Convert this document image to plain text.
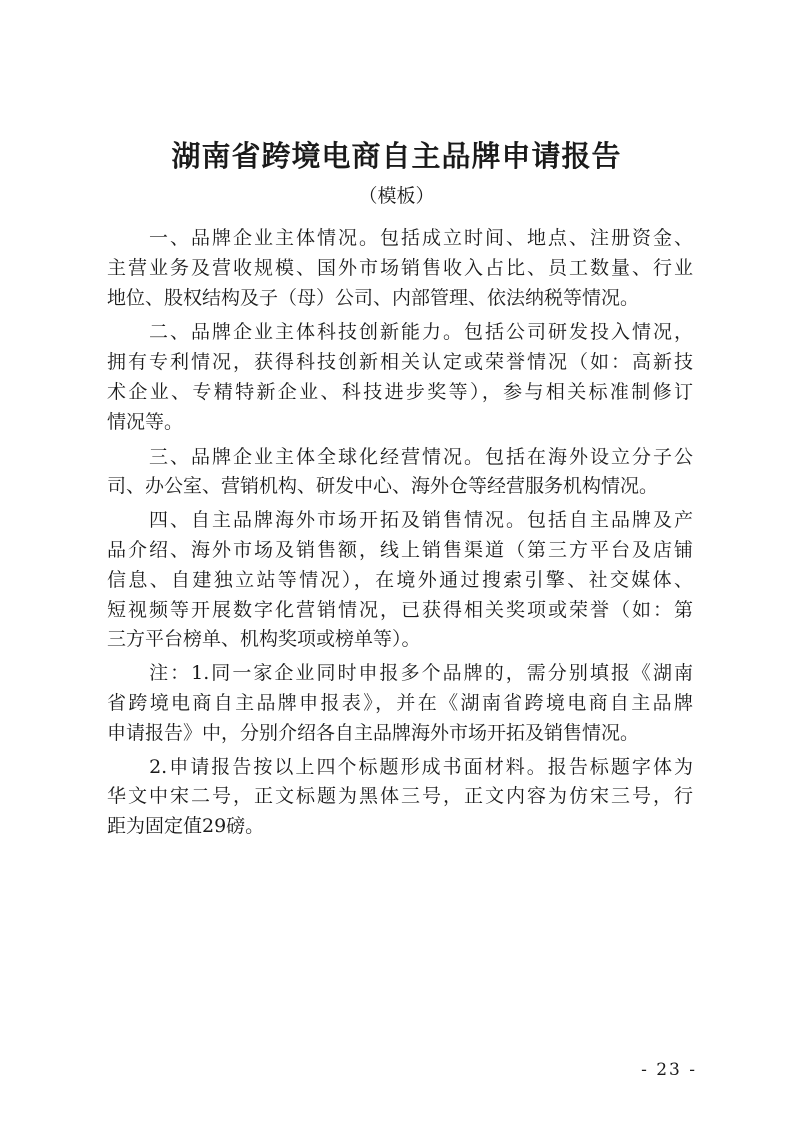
湖南省跨境电商自主品牌申请报告
（模板）

　　一、品牌企业主体情况。包括成立时间、地点、注册资金、
主营业务及营收规模、国外市场销售收入占比、员工数量、行业
地位、股权结构及子（母）公司、内部管理、依法纳税等情况。

　　二、品牌企业主体科技创新能力。包括公司研发投入情况，
拥有专利情况，获得科技创新相关认定或荣誉情况（如：高新技
术企业、专精特新企业、科技进步奖等），参与相关标准制修订
情况等。

　　三、品牌企业主体全球化经营情况。包括在海外设立分子公
司、办公室、营销机构、研发中心、海外仓等经营服务机构情况。

　　四、自主品牌海外市场开拓及销售情况。包括自主品牌及产
品介绍、海外市场及销售额，线上销售渠道（第三方平台及店铺
信息、自建独立站等情况），在境外通过搜索引擎、社交媒体、
短视频等开展数字化营销情况，已获得相关奖项或荣誉（如：第
三方平台榜单、机构奖项或榜单等）。

　　注：1.同一家企业同时申报多个品牌的，需分别填报《湖南
省跨境电商自主品牌申报表》，并在《湖南省跨境电商自主品牌
申请报告》中，分别介绍各自主品牌海外市场开拓及销售情况。

　　2.申请报告按以上四个标题形成书面材料。报告标题字体为
华文中宋二号，正文标题为黑体三号，正文内容为仿宋三号，行
距为固定值29磅。

- 23 -
